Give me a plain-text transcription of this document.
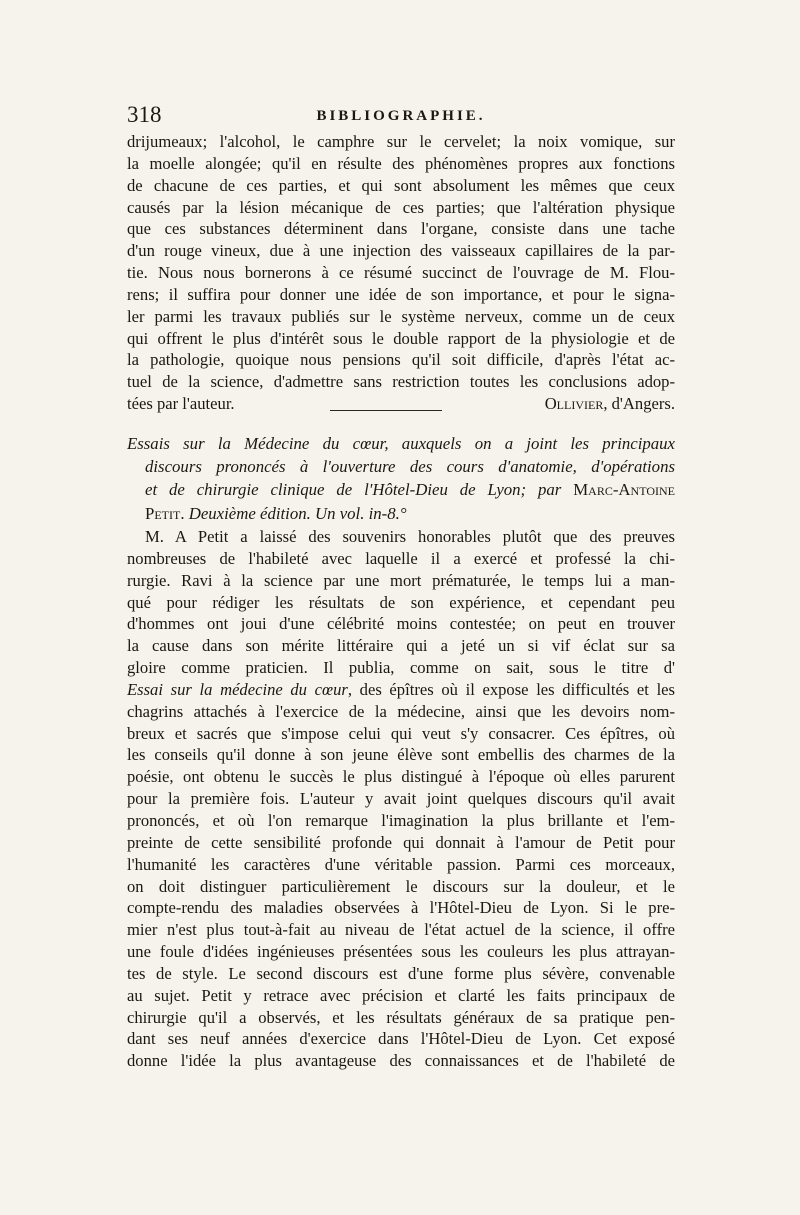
318	BIBLIOGRAPHIE.
drijumeaux; l'alcohol, le camphre sur le cervelet; la noix vomique, sur
la moelle alongée; qu'il en résulte des phénomènes propres aux fonctions
de chacune de ces parties, et qui sont absolument les mêmes que ceux
causés par la lésion mécanique de ces parties; que l'altération physique
que ces substances déterminent dans l'organe, consiste dans une tache
d'un rouge vineux, due à une injection des vaisseaux capillaires de la par-
tie. Nous nous bornerons à ce résumé succinct de l'ouvrage de M. Flou-
rens; il suffira pour donner une idée de son importance, et pour le signa-
ler parmi les travaux publiés sur le système nerveux, comme un de ceux
qui offrent le plus d'intérêt sous le double rapport de la physiologie et de
la pathologie, quoique nous pensions qu'il soit difficile, d'après l'état ac-
tuel de la science, d'admettre sans restriction toutes les conclusions adop-
tées par l'auteur.	Ollivier, d'Angers.
Essais sur la Médecine du cœur, auxquels on a joint les principaux
discours prononcés à l'ouverture des cours d'anatomie, d'opérations
et de chirurgie clinique de l'Hôtel-Dieu de Lyon; par Marc-Antoine
Petit. Deuxième édition. Un vol. in-8.°
M. A Petit a laissé des souvenirs honorables plutôt que des preuves
nombreuses de l'habileté avec laquelle il a exercé et professé la chi-
rurgie. Ravi à la science par une mort prématurée, le temps lui a man-
qué pour rédiger les résultats de son expérience, et cependant peu
d'hommes ont joui d'une célébrité moins contestée; on peut en trouver
la cause dans son mérite littéraire qui a jeté un si vif éclat sur sa
gloire comme praticien. Il publia, comme on sait, sous le titre d'
Essai sur la médecine du cœur, des épîtres où il expose les difficultés et les
chagrins attachés à l'exercice de la médecine, ainsi que les devoirs nom-
breux et sacrés que s'impose celui qui veut s'y consacrer. Ces épîtres, où
les conseils qu'il donne à son jeune élève sont embellis des charmes de la
poésie, ont obtenu le succès le plus distingué à l'époque où elles parurent
pour la première fois. L'auteur y avait joint quelques discours qu'il avait
prononcés, et où l'on remarque l'imagination la plus brillante et l'em-
preinte de cette sensibilité profonde qui donnait à l'amour de Petit pour
l'humanité les caractères d'une véritable passion. Parmi ces morceaux,
on doit distinguer particulièrement le discours sur la douleur, et le
compte-rendu des maladies observées à l'Hôtel-Dieu de Lyon. Si le pre-
mier n'est plus tout-à-fait au niveau de l'état actuel de la science, il offre
une foule d'idées ingénieuses présentées sous les couleurs les plus attrayan-
tes de style. Le second discours est d'une forme plus sévère, convenable
au sujet. Petit y retrace avec précision et clarté les faits principaux de
chirurgie qu'il a observés, et les résultats généraux de sa pratique pen-
dant ses neuf années d'exercice dans l'Hôtel-Dieu de Lyon. Cet exposé
donne l'idée la plus avantageuse des connaissances et de l'habileté de
